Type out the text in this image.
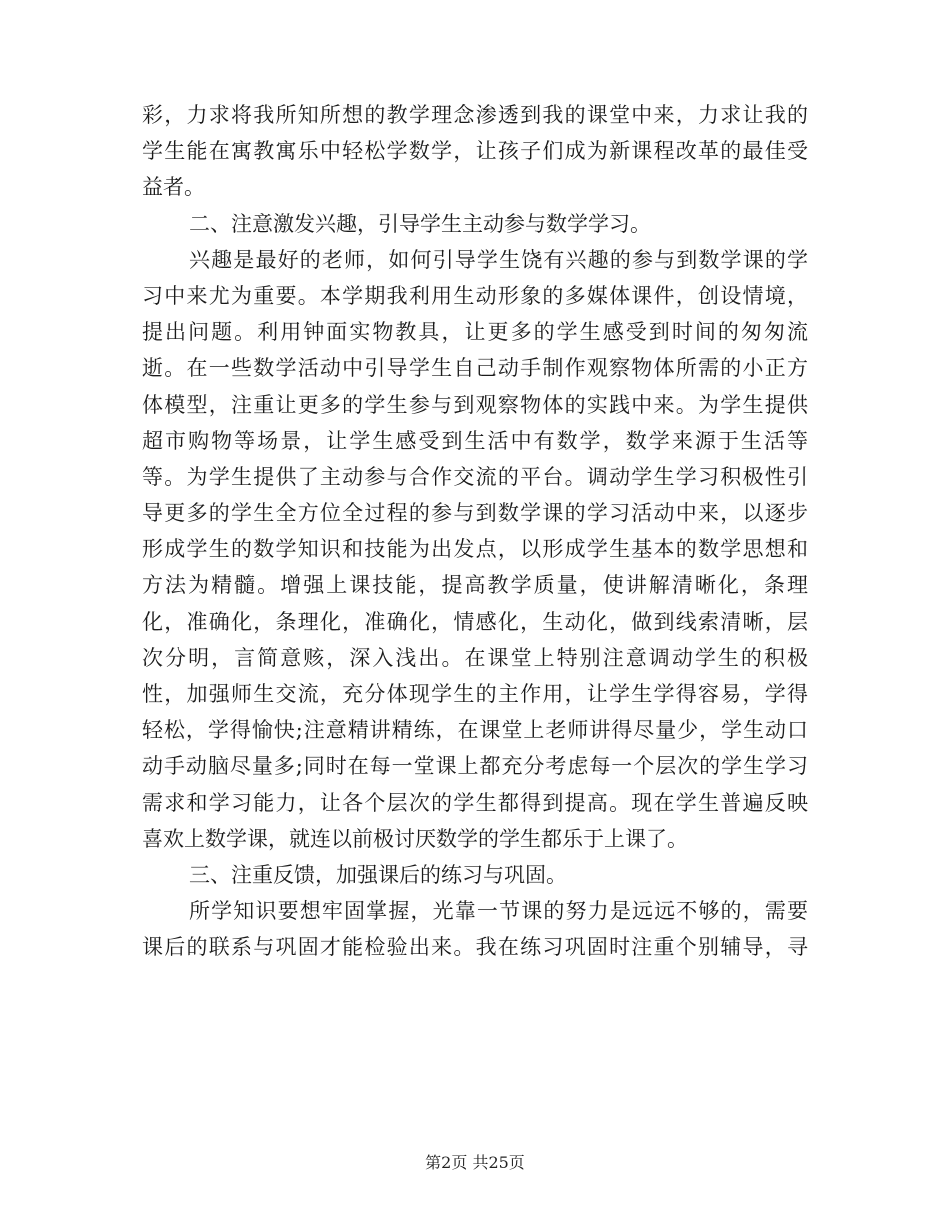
彩，力求将我所知所想的教学理念渗透到我的课堂中来，力求让我的
学生能在寓教寓乐中轻松学数学，让孩子们成为新课程改革的最佳受
益者。
二、注意激发兴趣，引导学生主动参与数学学习。
兴趣是最好的老师，如何引导学生饶有兴趣的参与到数学课的学
习中来尤为重要。本学期我利用生动形象的多媒体课件，创设情境，
提出问题。利用钟面实物教具，让更多的学生感受到时间的匆匆流
逝。在一些数学活动中引导学生自己动手制作观察物体所需的小正方
体模型，注重让更多的学生参与到观察物体的实践中来。为学生提供
超市购物等场景，让学生感受到生活中有数学，数学来源于生活等
等。为学生提供了主动参与合作交流的平台。调动学生学习积极性引
导更多的学生全方位全过程的参与到数学课的学习活动中来，以逐步
形成学生的数学知识和技能为出发点，以形成学生基本的数学思想和
方法为精髓。增强上课技能，提高教学质量，使讲解清晰化，条理
化，准确化，条理化，准确化，情感化，生动化，做到线索清晰，层
次分明，言简意赅，深入浅出。在课堂上特别注意调动学生的积极
性，加强师生交流，充分体现学生的主作用，让学生学得容易，学得
轻松，学得愉快;注意精讲精练，在课堂上老师讲得尽量少，学生动口
动手动脑尽量多;同时在每一堂课上都充分考虑每一个层次的学生学习
需求和学习能力，让各个层次的学生都得到提高。现在学生普遍反映
喜欢上数学课，就连以前极讨厌数学的学生都乐于上课了。
三、注重反馈，加强课后的练习与巩固。
所学知识要想牢固掌握，光靠一节课的努力是远远不够的，需要
课后的联系与巩固才能检验出来。我在练习巩固时注重个别辅导，寻
第2页 共25页
